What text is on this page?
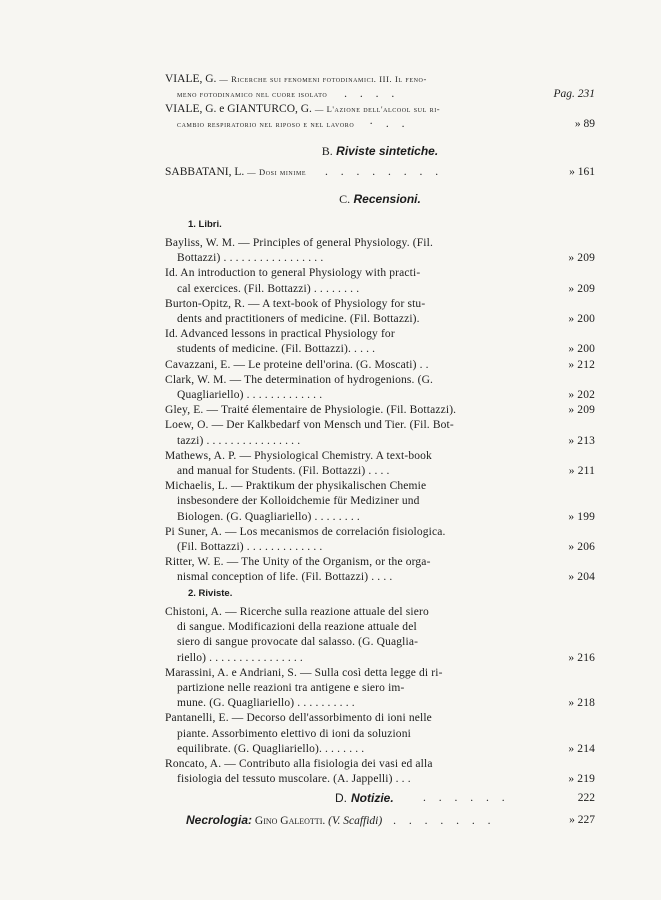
VIALE, G. — Ricerche sui fenomeni fotodinamici. III. Il feno-
meno fotodinamico nel cuore isolato . . . .	Pag. 231
VIALE, G. e GIANTURCO, G. — L'azione dell'alcool sul ri-
cambio respiratorio nel riposo e nel lavoro · . .	» 89
B. Riviste sintetiche.
SABBATANI, L. — Dosi minime . . . . . . . .	» 161
C. Recensioni.
1. Libri.
Bayliss, W. M. — Principles of general Physiology. (Fil.
Bottazzi) . . . . . . . . . . . . . . . . .	» 209
Id. An introduction to general Physiology with practi-
cal exercices. (Fil. Bottazzi) . . . . . . . .	» 209
Burton-Opitz, R. — A text-book of Physiology for stu-
dents and practitioners of medicine. (Fil. Bottazzi).	» 200
Id. Advanced lessons in practical Physiology for
students of medicine. (Fil. Bottazzi). . . . .	» 200
Cavazzani, E. — Le proteine dell'orina. (G. Moscati) . .	» 212
Clark, W. M. — The determination of hydrogenions. (G.
Quagliariello) . . . . . . . . . . . . .	» 202
Gley, E. — Traité élementaire de Physiologie. (Fil. Bottazzi).	» 209
Loew, O. — Der Kalkbedarf von Mensch und Tier. (Fil. Bot-
tazzi) . . . . . . . . . . . . . . . .	» 213
Mathews, A. P. — Physiological Chemistry. A text-book
and manual for Students. (Fil. Bottazzi) . . . .	» 211
Michaelis, L. — Praktikum der physikalischen Chemie
insbesondere der Kolloidchemie für Mediziner und
Biologen. (G. Quagliariello) . . . . . . . .	» 199
Pi Suner, A. — Los mecanismos de correlación fisiologica.
(Fil. Bottazzi) . . . . . . . . . . . . .	» 206
Ritter, W. E. — The Unity of the Organism, or the orga-
nismal conception of life. (Fil. Bottazzi) . . . .	» 204
2. Riviste.
Chistoni, A. — Ricerche sulla reazione attuale del siero
di sangue. Modificazioni della reazione attuale del
siero di sangue provocate dal salasso. (G. Quaglia-
riello) . . . . . . . . . . . . . . . .	» 216
Marassini, A. e Andriani, S. — Sulla così detta legge di ri-
partizione nelle reazioni tra antigene e siero im-
mune. (G. Quagliariello) . . . . . . . . . .	» 218
Pantanelli, E. — Decorso dell'assorbimento di ioni nelle
piante. Assorbimento elettivo di ioni da soluzioni
equilibrate. (G. Quagliariello). . . . . . . .	» 214
Roncato, A. — Contributo alla fisiologia dei vasi ed alla
fisiologia del tessuto muscolare. (A. Jappelli) . . .	» 219
D. Notizie.	. . . . . .	222
Necrologia: Gino Galeotti. (V. Scaffidi) . . . . . . .	» 227
